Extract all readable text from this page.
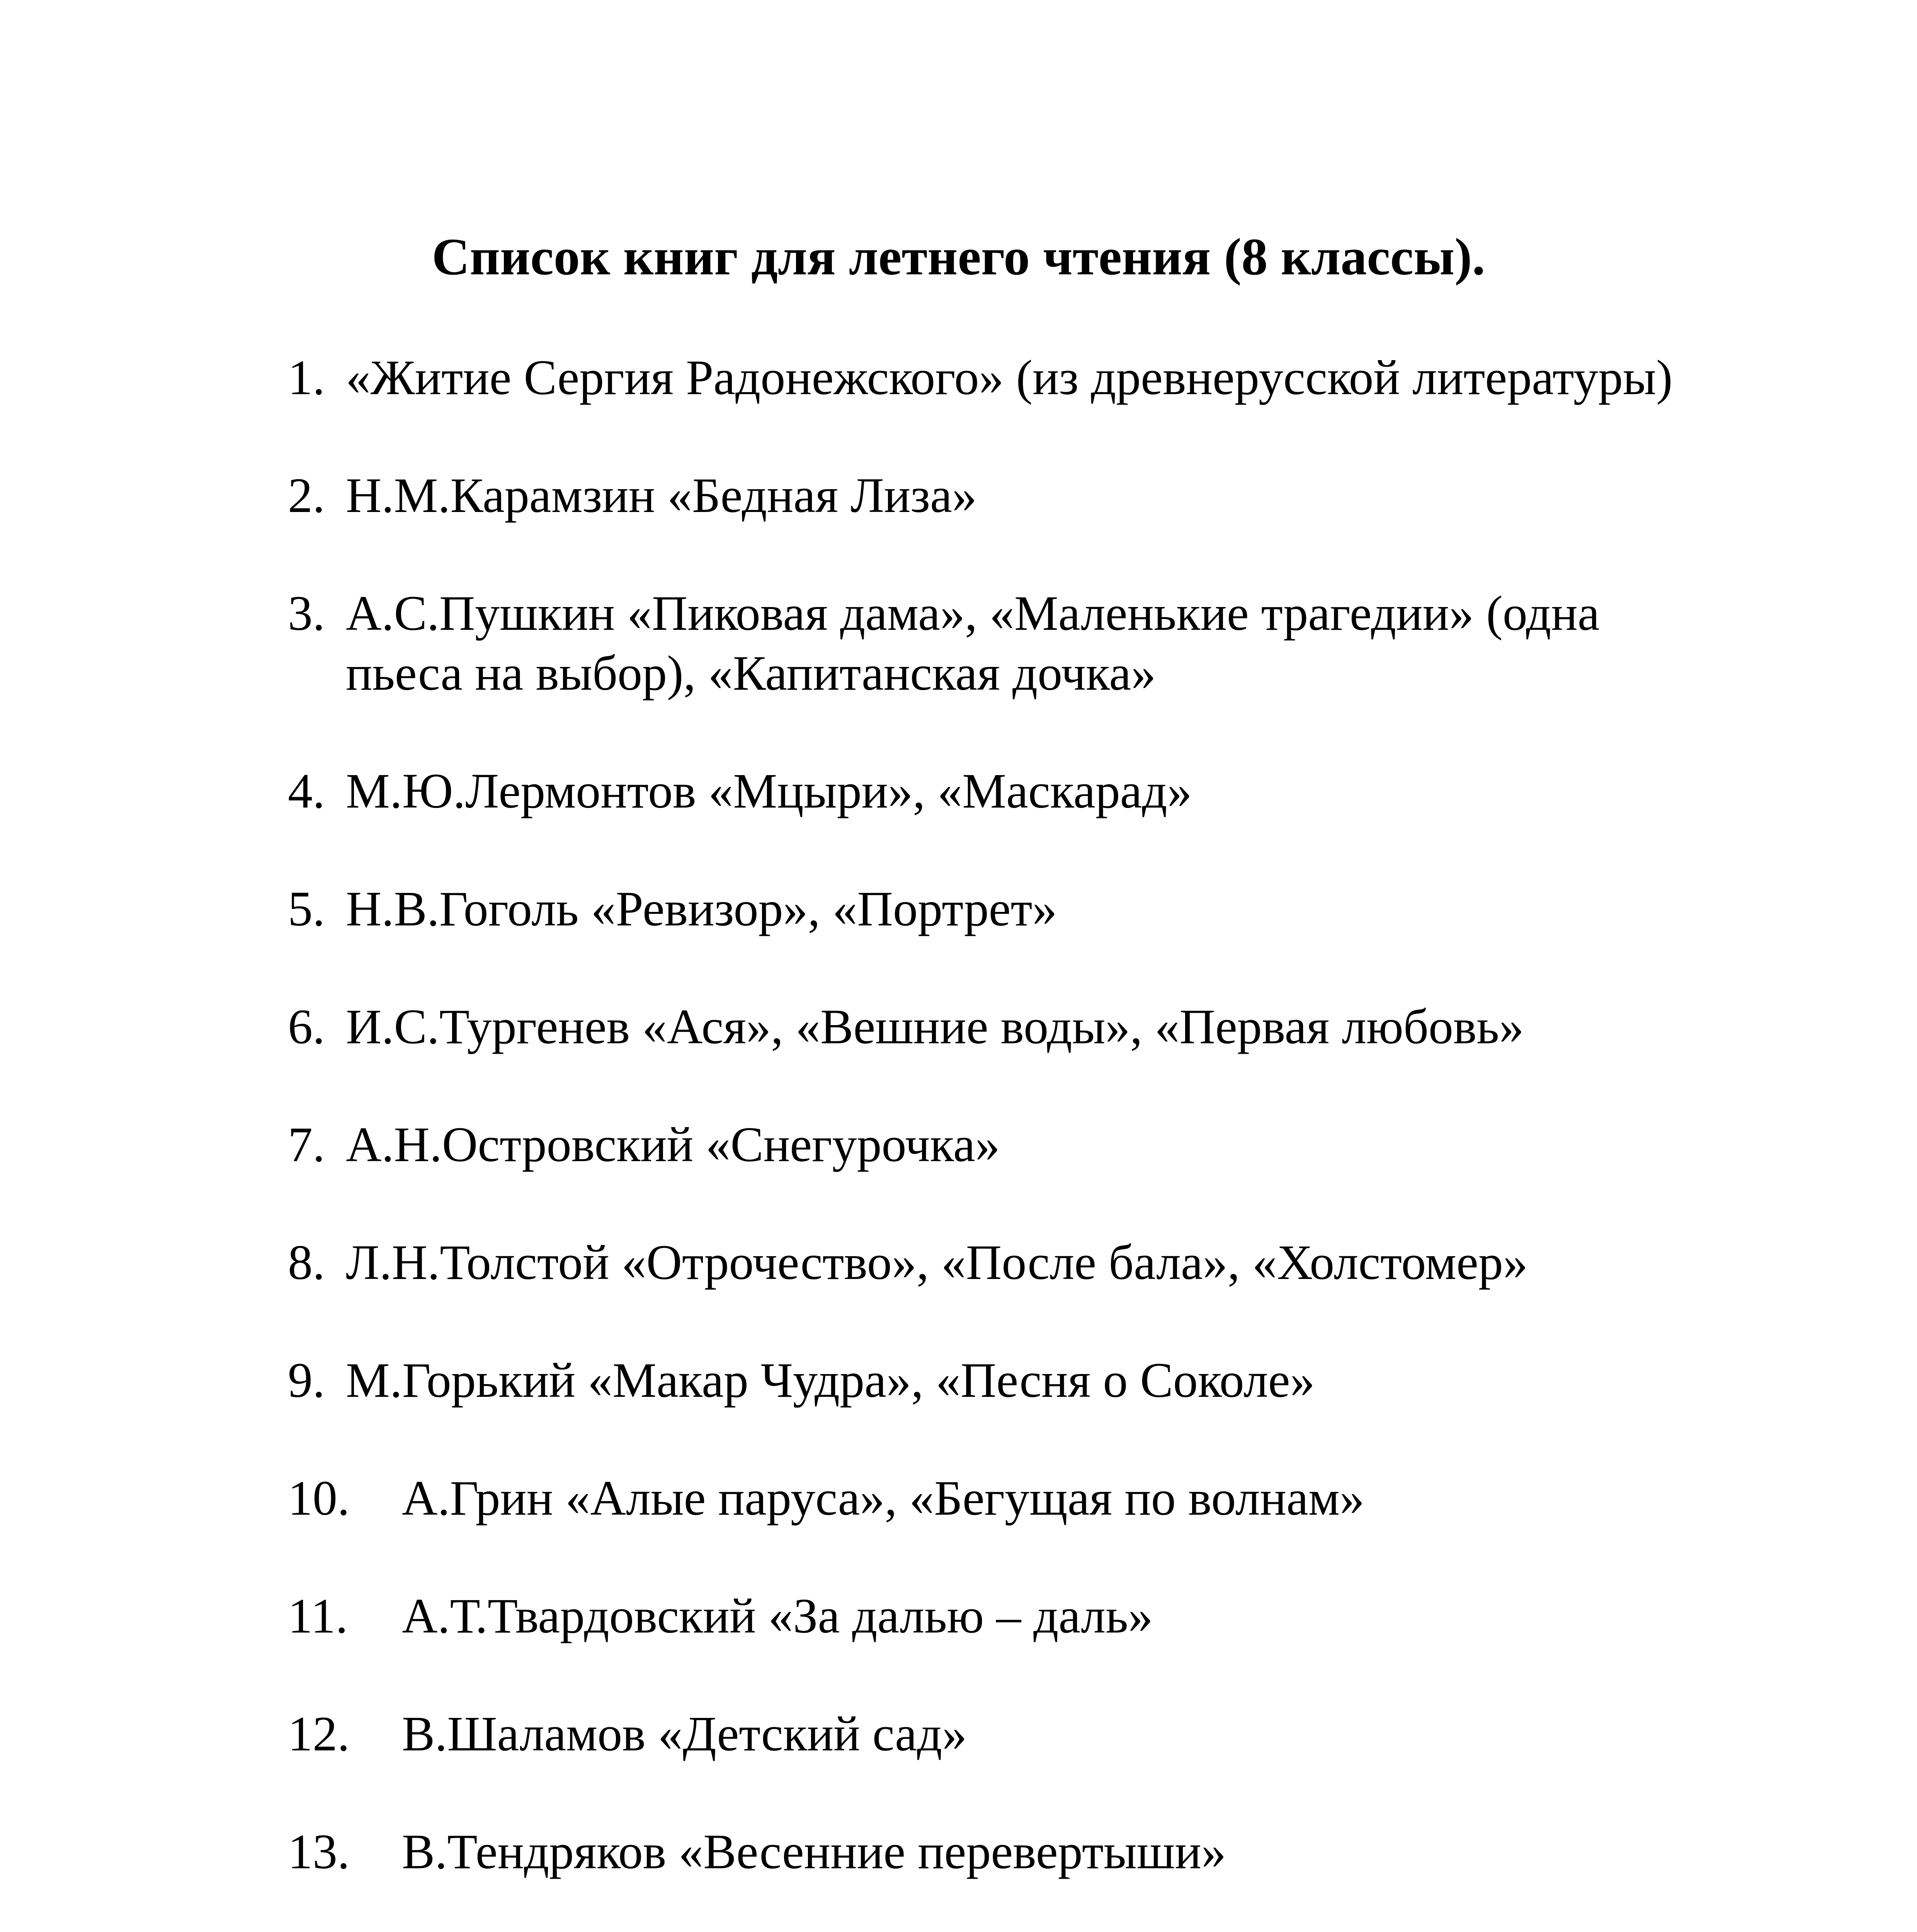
Список книг для летнего чтения (8 классы).
1. «Житие Сергия Радонежского» (из древнерусской литературы)
2. Н.М.Карамзин «Бедная Лиза»
3. А.С.Пушкин «Пиковая дама», «Маленькие трагедии» (одна пьеса на выбор), «Капитанская дочка»
4. М.Ю.Лермонтов «Мцыри», «Маскарад»
5. Н.В.Гоголь «Ревизор», «Портрет»
6. И.С.Тургенев «Ася», «Вешние воды», «Первая любовь»
7. А.Н.Островский «Снегурочка»
8. Л.Н.Толстой «Отрочество», «После бала», «Холстомер»
9. М.Горький «Макар Чудра», «Песня о Соколе»
10. А.Грин «Алые паруса», «Бегущая по волнам»
11. А.Т.Твардовский «За далью – даль»
12. В.Шаламов «Детский сад»
13. В.Тендряков «Весенние перевертыши»
